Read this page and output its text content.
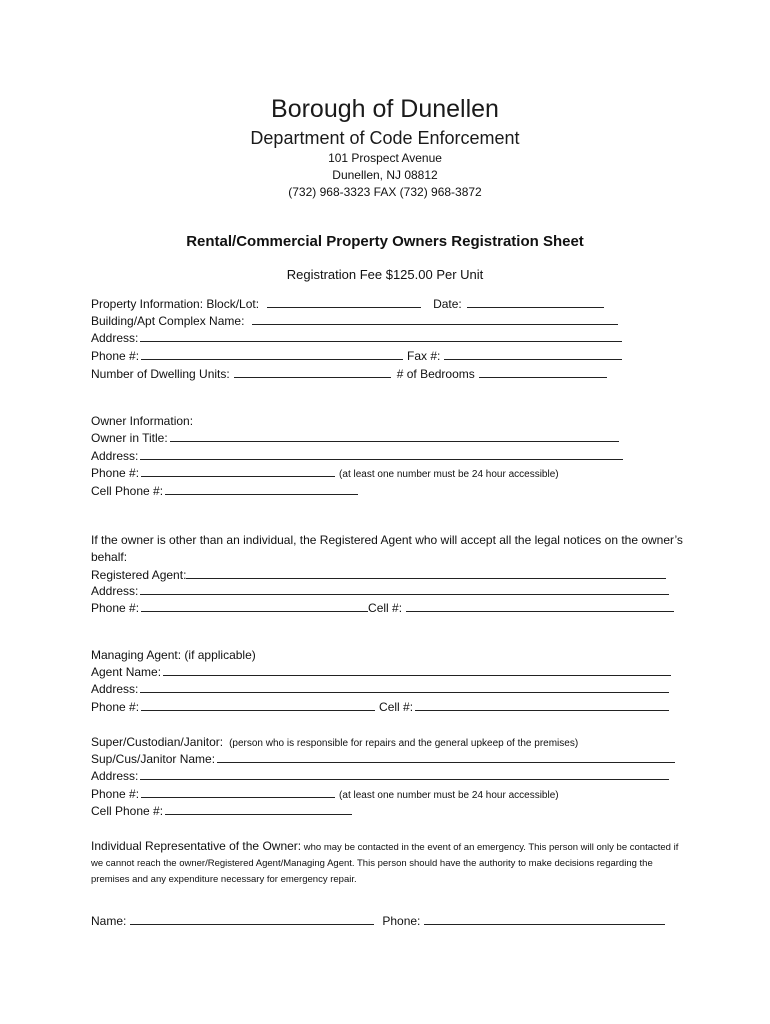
Borough of Dunellen
Department of Code Enforcement
101 Prospect Avenue
Dunellen, NJ 08812
(732) 968-3323 FAX (732) 968-3872
Rental/Commercial Property Owners Registration Sheet
Registration Fee $125.00 Per Unit
Property Information: Block/Lot:	Date:
Building/Apt Complex Name:
Address:
Phone #:	Fax #:
Number of Dwelling Units:	# of Bedrooms
Owner Information:
Owner in Title:
Address:
Phone #:	(at least one number must be 24 hour accessible)
Cell Phone #:
If the owner is other than an individual, the Registered Agent who will accept all the legal notices on the owner’s behalf:
Registered Agent:
Address:
Phone #:	Cell #:
Managing Agent: (if applicable)
Agent Name:
Address:
Phone #:	Cell #:
Super/Custodian/Janitor: (person who is responsible for repairs and the general upkeep of the premises)
Sup/Cus/Janitor Name:
Address:
Phone #:	(at least one number must be 24 hour accessible)
Cell Phone #:
Individual Representative of the Owner: who may be contacted in the event of an emergency. This person will only be contacted if we cannot reach the owner/Registered Agent/Managing Agent. This person should have the authority to make decisions regarding the premises and any expenditure necessary for emergency repair.
Name:	Phone:
